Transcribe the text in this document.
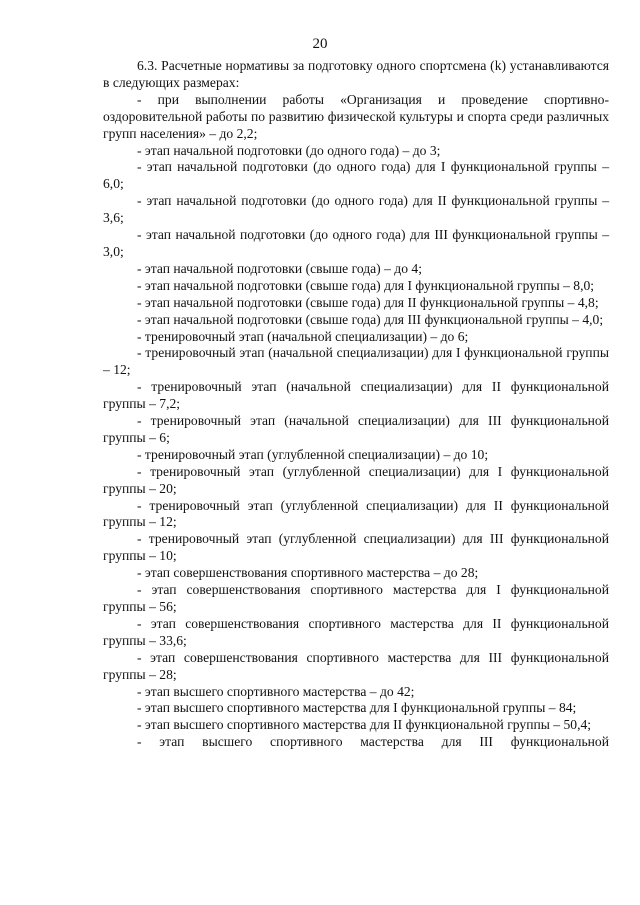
20

6.3. Расчетные нормативы за подготовку одного спортсмена (k) устанавливаются в следующих размерах:

- при выполнении работы «Организация и проведение спортивно-оздоровительной работы по развитию физической культуры и спорта среди различных групп населения» – до 2,2;

- этап начальной подготовки (до одного года) – до 3;

- этап начальной подготовки (до одного года) для I функциональной группы – 6,0;

- этап начальной подготовки (до одного года) для II функциональной группы – 3,6;

- этап начальной подготовки (до одного года) для III функциональной группы – 3,0;

- этап начальной подготовки (свыше года) – до 4;

- этап начальной подготовки (свыше года) для I функциональной группы – 8,0;

- этап начальной подготовки (свыше года) для II функциональной группы – 4,8;

- этап начальной подготовки (свыше года) для III функциональной группы – 4,0;

- тренировочный этап (начальной специализации) – до 6;

- тренировочный этап (начальной специализации) для I функциональной группы – 12;

- тренировочный этап (начальной специализации) для II функциональной группы – 7,2;

- тренировочный этап (начальной специализации) для III функциональной группы – 6;

- тренировочный этап (углубленной специализации) – до 10;

- тренировочный этап (углубленной специализации) для I функциональной группы – 20;

- тренировочный этап (углубленной специализации) для II функциональной группы – 12;

- тренировочный этап (углубленной специализации) для III функциональной группы – 10;

- этап совершенствования спортивного мастерства – до 28;

- этап совершенствования спортивного мастерства для I функциональной группы – 56;

- этап совершенствования спортивного мастерства для II функциональной группы – 33,6;

- этап совершенствования спортивного мастерства для III функциональной группы – 28;

- этап высшего спортивного мастерства – до 42;

- этап высшего спортивного мастерства для I функциональной группы – 84;

- этап высшего спортивного мастерства для II функциональной группы – 50,4;

- этап высшего спортивного мастерства для III функциональной
